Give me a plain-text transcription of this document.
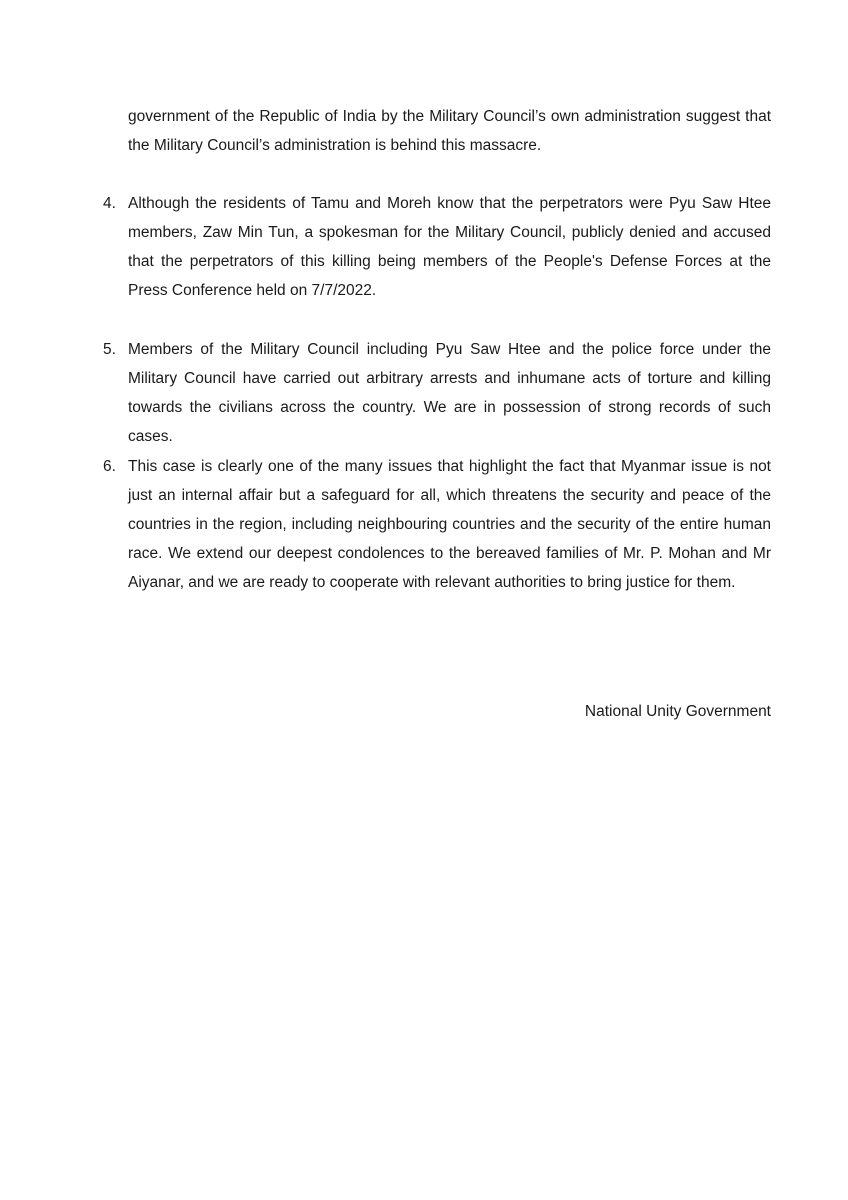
government of the Republic of India by the Military Council’s own administration suggest that the Military Council’s administration is behind this massacre.
4. Although the residents of Tamu and Moreh know that the perpetrators were Pyu Saw Htee members, Zaw Min Tun, a spokesman for the Military Council, publicly denied and accused that the perpetrators of this killing being members of the People's Defense Forces at the Press Conference held on 7/7/2022.
5. Members of the Military Council including Pyu Saw Htee and the police force under the Military Council have carried out arbitrary arrests and inhumane acts of torture and killing towards the civilians across the country. We are in possession of strong records of such cases.
6. This case is clearly one of the many issues that highlight the fact that Myanmar issue is not just an internal affair but a safeguard for all, which threatens the security and peace of the countries in the region, including neighbouring countries and the security of the entire human race. We extend our deepest condolences to the bereaved families of Mr. P. Mohan and Mr Aiyanar, and we are ready to cooperate with relevant authorities to bring justice for them.
National Unity Government
